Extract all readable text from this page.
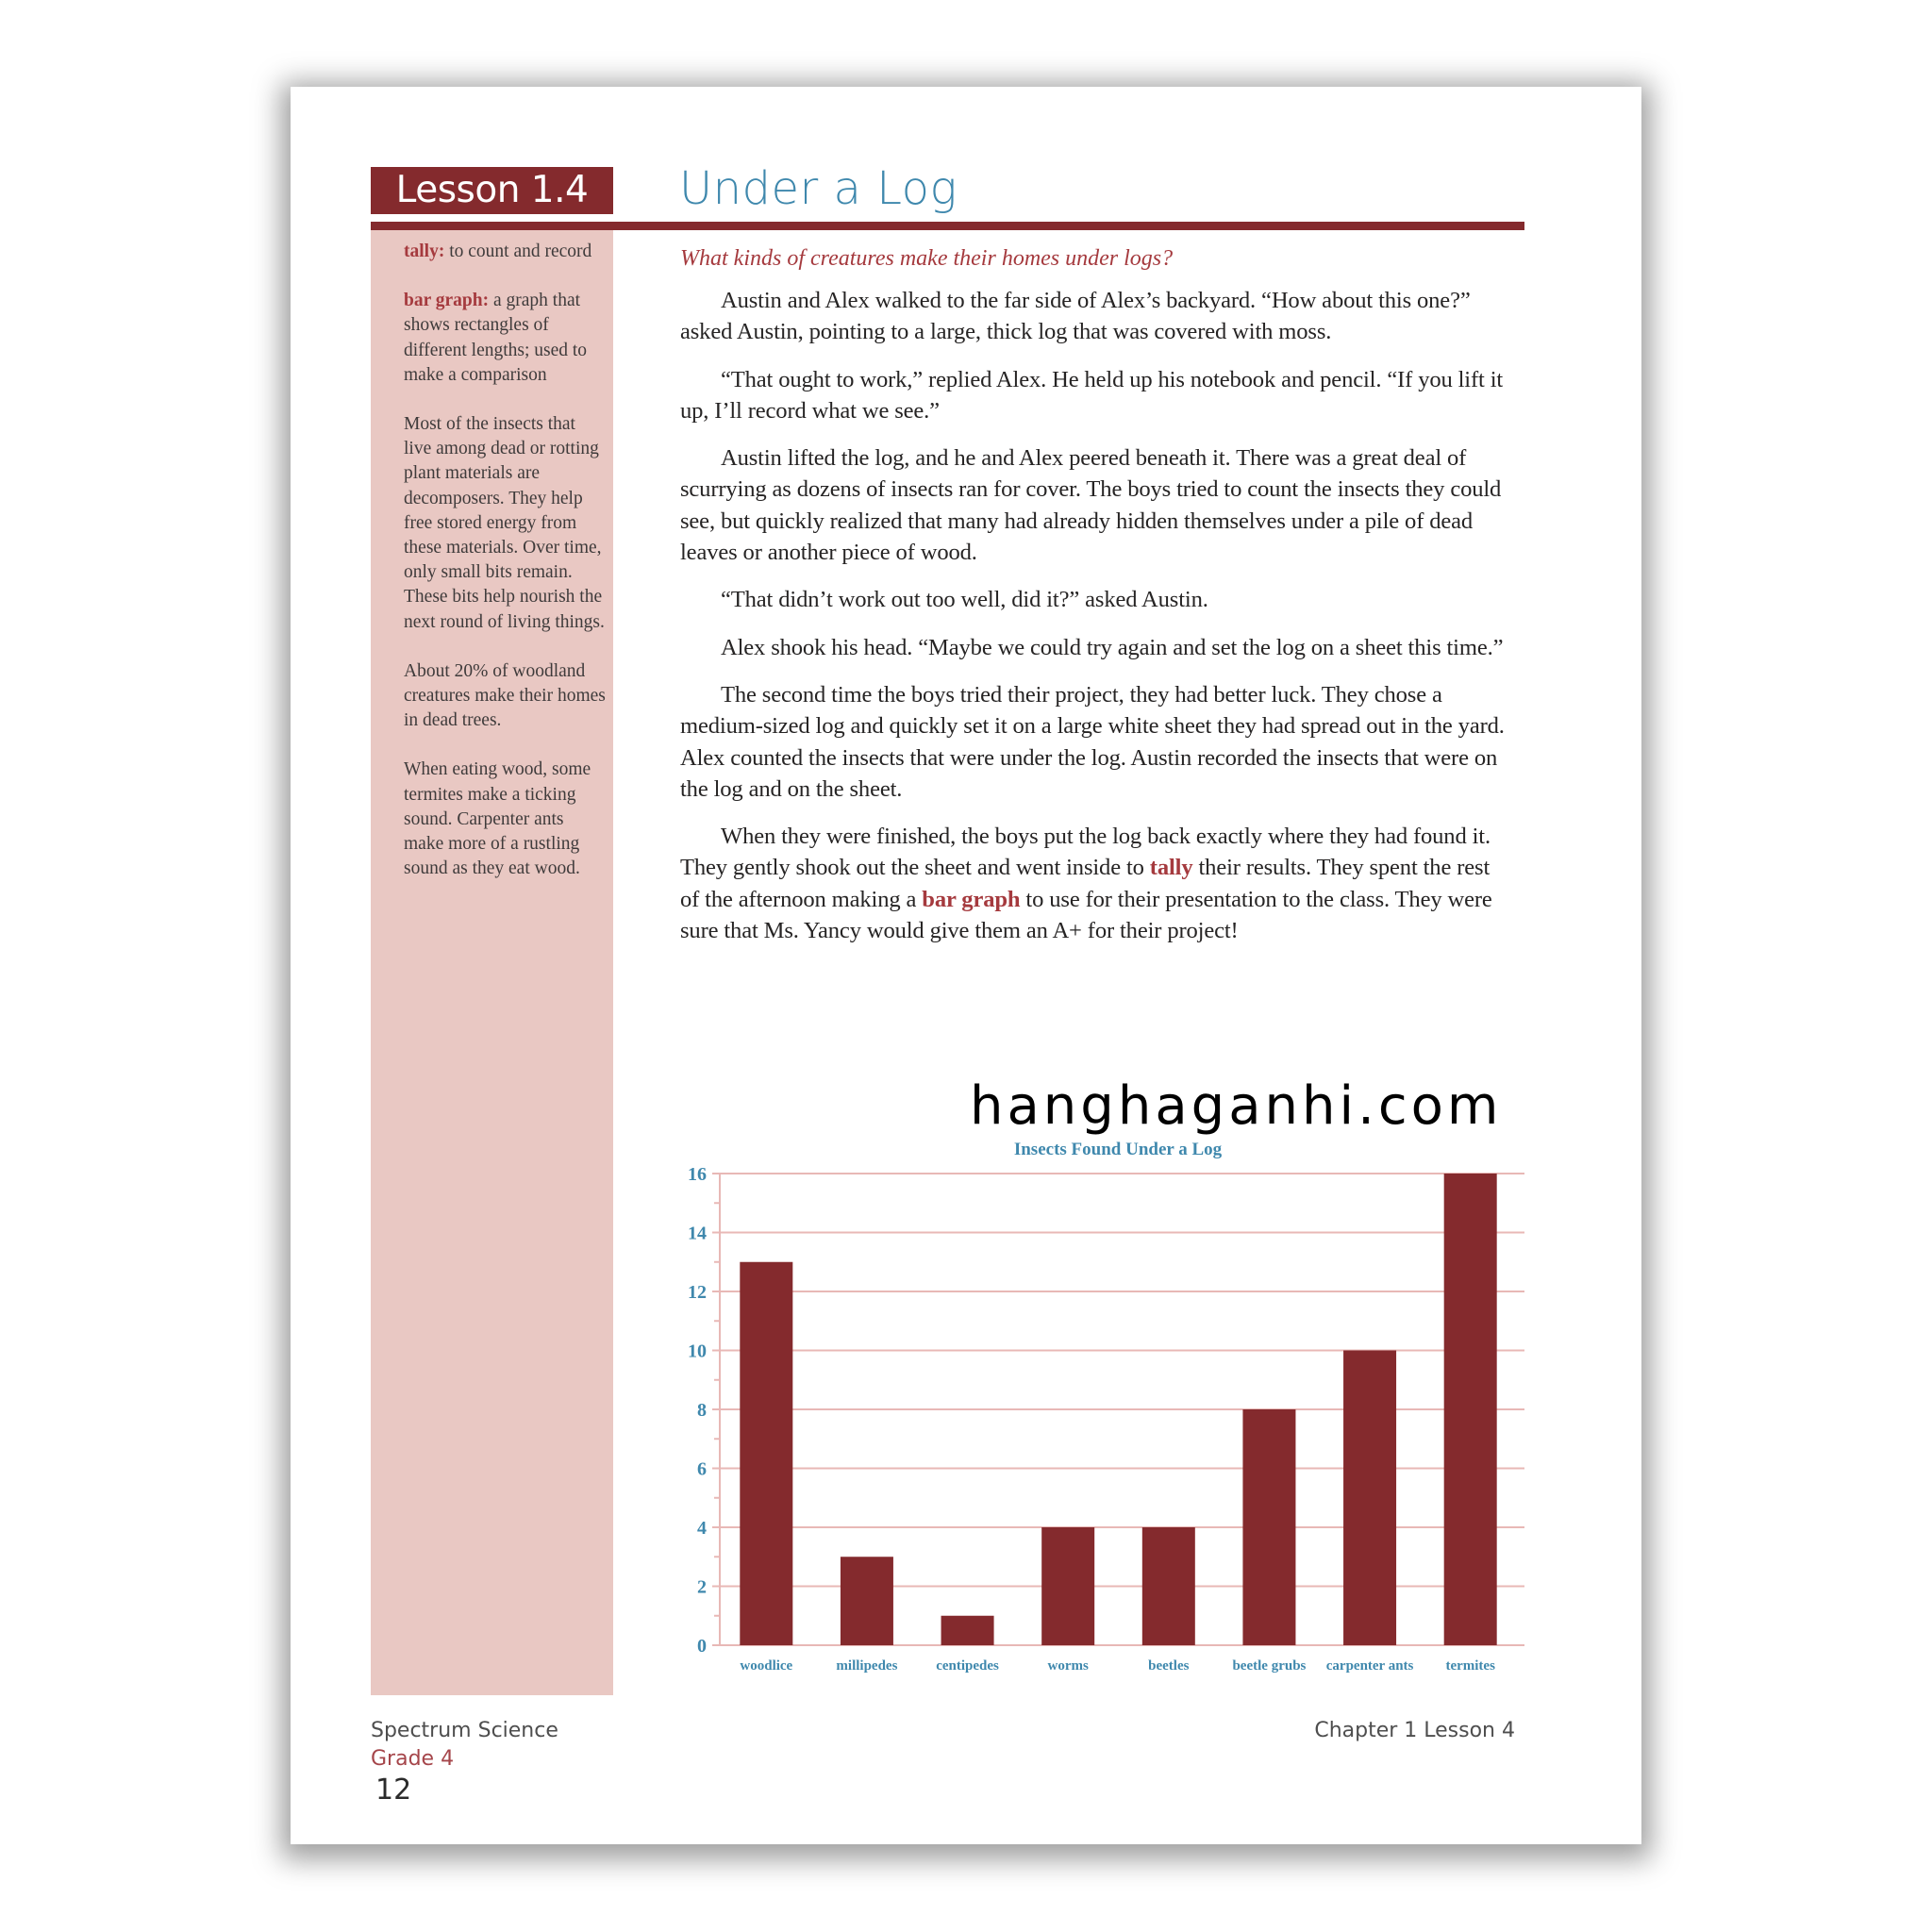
Lesson 1.4	Under a Log
tally: to count and record
bar graph: a graph that shows rectangles of different lengths; used to make a comparison
Most of the insects that live among dead or rotting plant materials are decomposers. They help free stored energy from these materials. Over time, only small bits remain. These bits help nourish the next round of living things.
About 20% of woodland creatures make their homes in dead trees.
When eating wood, some termites make a ticking sound. Carpenter ants make more of a rustling sound as they eat wood.
What kinds of creatures make their homes under logs?

Austin and Alex walked to the far side of Alex’s backyard. “How about this one?” asked Austin, pointing to a large, thick log that was covered with moss.

“That ought to work,” replied Alex. He held up his notebook and pencil. “If you lift it up, I’ll record what we see.”

Austin lifted the log, and he and Alex peered beneath it. There was a great deal of scurrying as dozens of insects ran for cover. The boys tried to count the insects they could see, but quickly realized that many had already hidden themselves under a pile of dead leaves or another piece of wood.

“That didn’t work out too well, did it?” asked Austin.

Alex shook his head. “Maybe we could try again and set the log on a sheet this time.”

The second time the boys tried their project, they had better luck. They chose a medium-sized log and quickly set it on a large white sheet they had spread out in the yard. Alex counted the insects that were under the log. Austin recorded the insects that were on the log and on the sheet.

When they were finished, the boys put the log back exactly where they had found it. They gently shook out the sheet and went inside to tally their results. They spent the rest of the afternoon making a bar graph to use for their presentation to the class. They were sure that Ms. Yancy would give them an A+ for their project!

hanghaganhi.com
Insects Found Under a Log
0
2
4
6
8
10
12
14
16
woodlice	millipedes	centipedes	worms	beetles	beetle grubs carpenter ants termites
Spectrum Science
Grade 4
12
Chapter 1 Lesson 4
